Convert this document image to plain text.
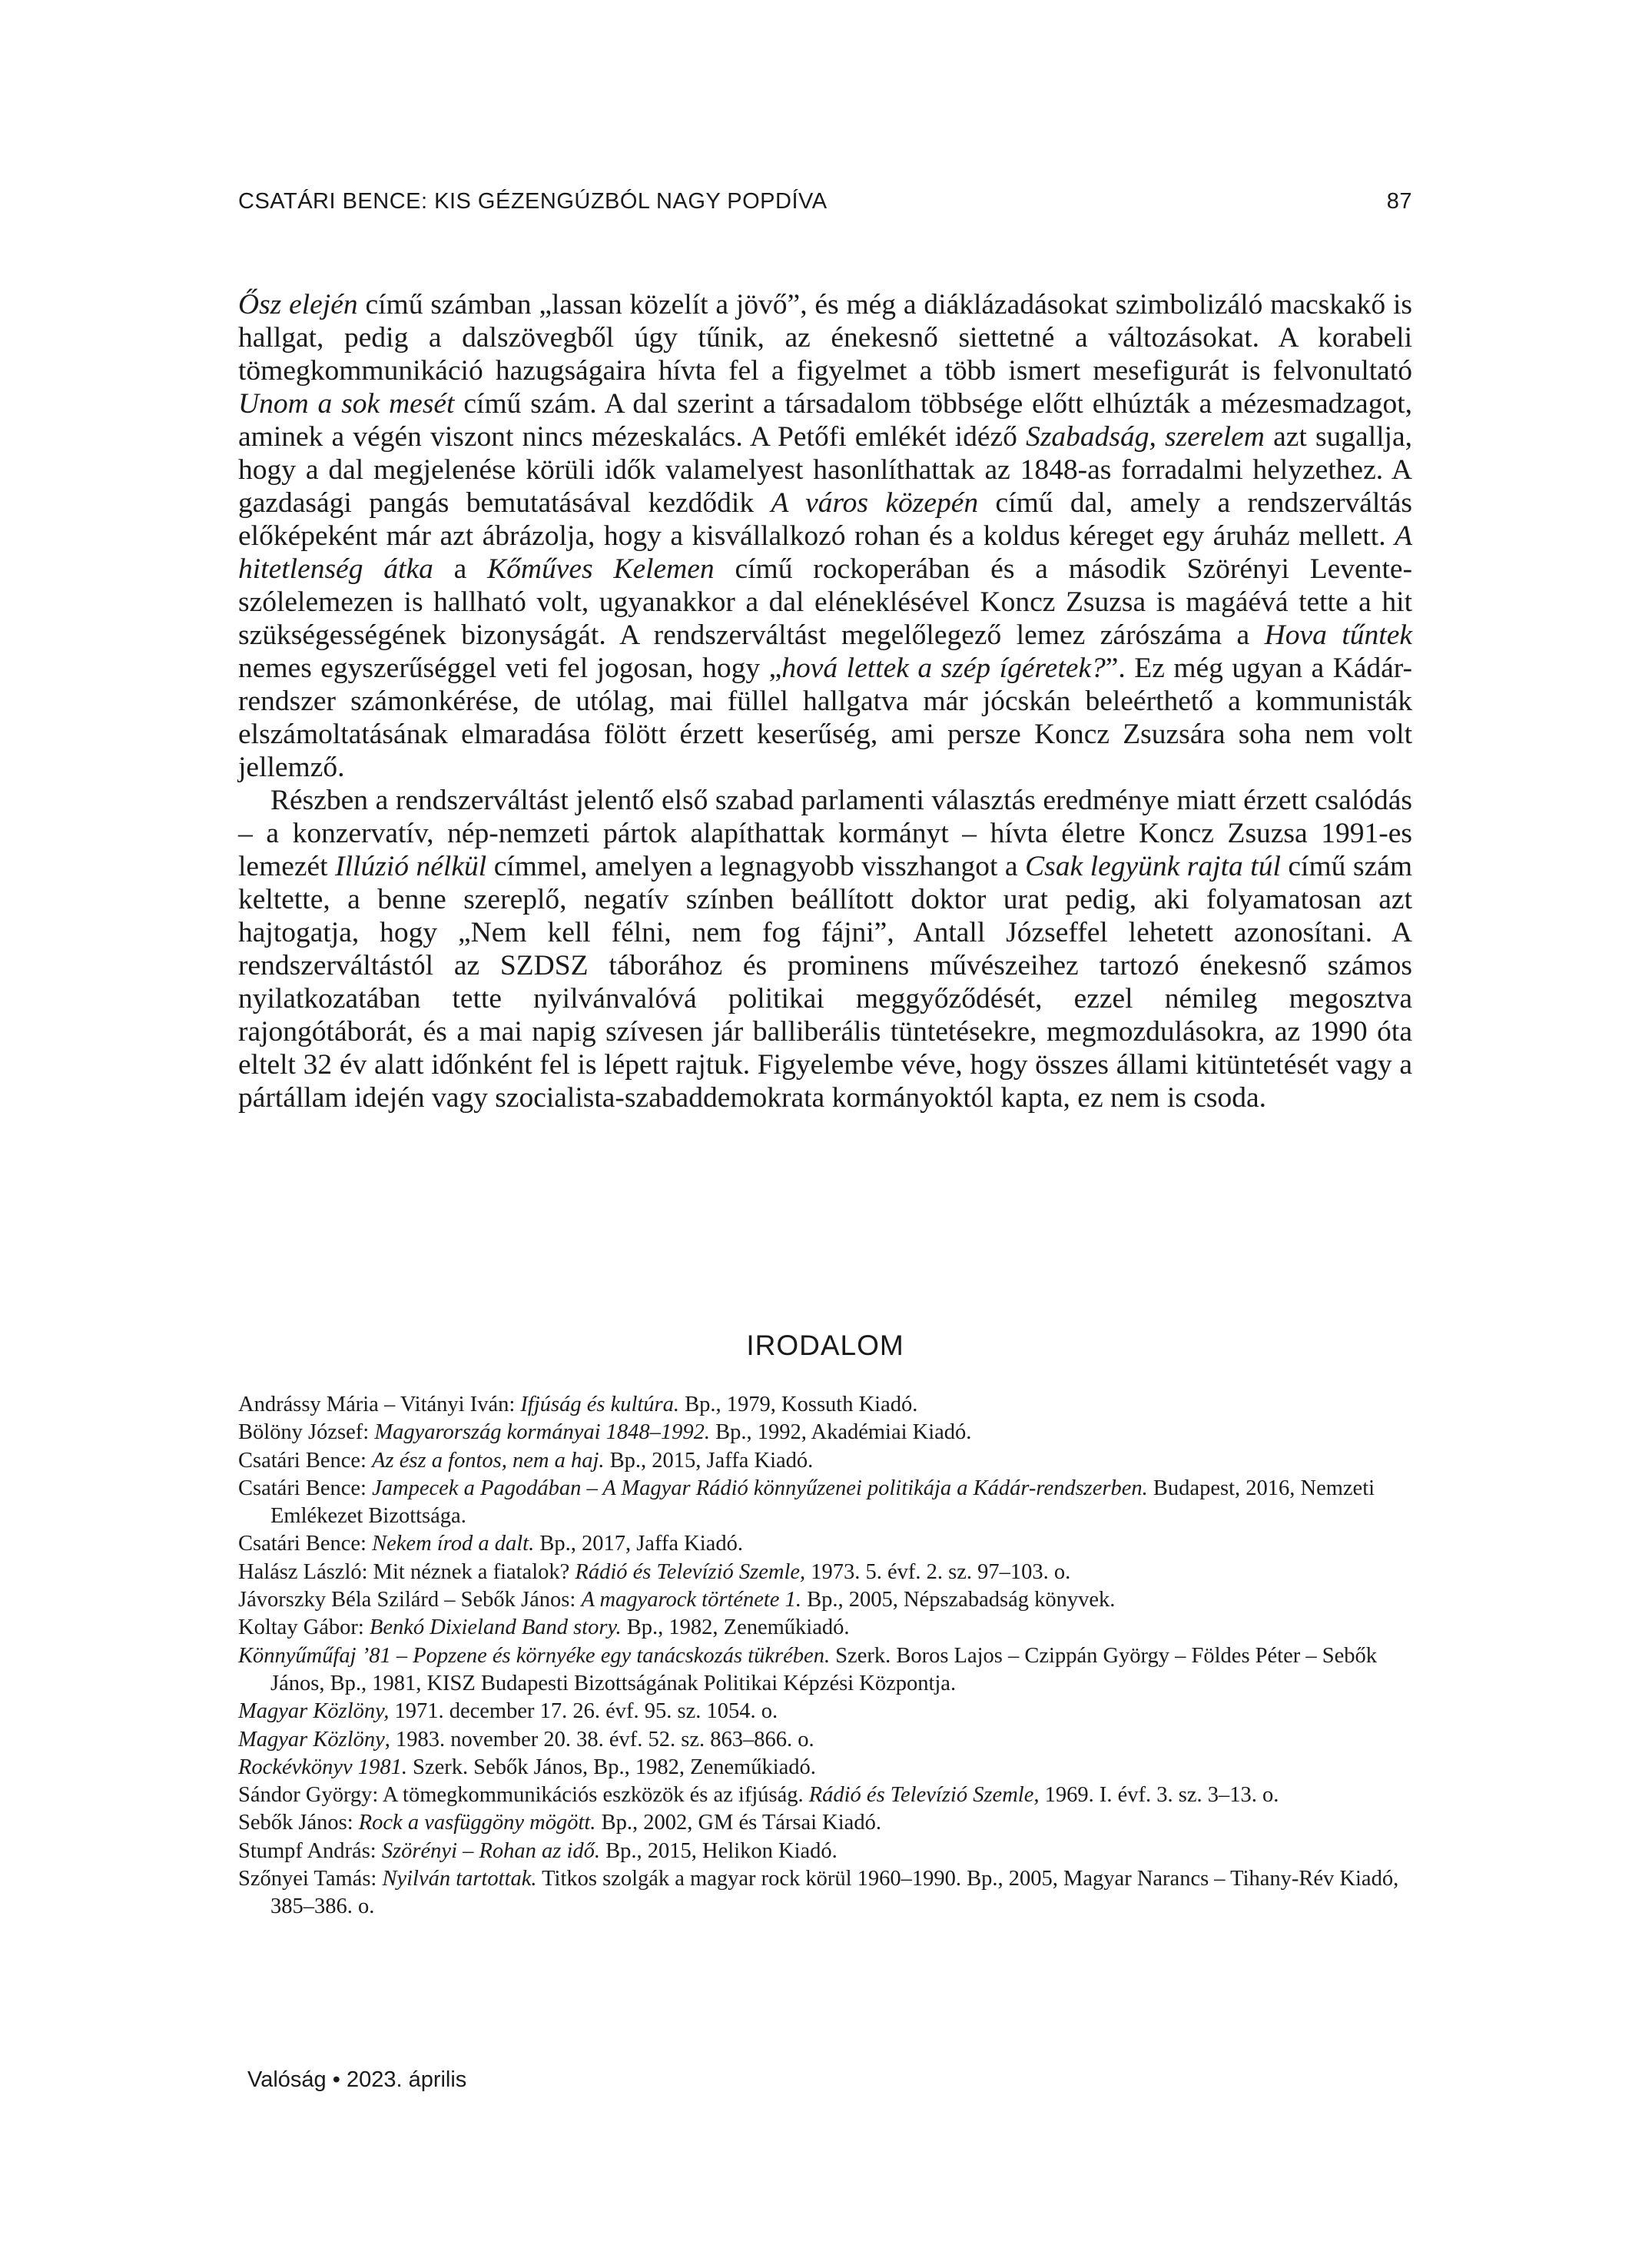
CSATÁRI BENCE: KIS GÉZENGÚZBÓL NAGY POPDÍVA	87

Ősz elején című számban „lassan közelít a jövő”, és még a diáklázadásokat szimbolizáló macskakő is hallgat, pedig a dalszövegből úgy tűnik, az énekesnő siettetné a változásokat. A korabeli tömegkommunikáció hazugságaira hívta fel a figyelmet a több ismert mesefigurát is felvonultató Unom a sok mesét című szám. A dal szerint a társadalom többsége előtt elhúzták a mézesmadzagot, aminek a végén viszont nincs mézeskalács. A Petőfi emlékét idéző Szabadság, szerelem azt sugallja, hogy a dal megjelenése körüli idők valamelyest hasonlíthattak az 1848-as forradalmi helyzethez. A gazdasági pangás bemutatásával kezdődik A város közepén című dal, amely a rendszerváltás előképeként már azt ábrázolja, hogy a kisvállalkozó rohan és a koldus kéreget egy áruház mellett. A hitetlenség átka a Kőműves Kelemen című rockoperában és a második Szörényi Levente-szólelemezen is hallható volt, ugyanakkor a dal eléneklésével Koncz Zsuzsa is magáévá tette a hit szükségességének bizonyságát. A rendszerváltást megelőlegező lemez zárószáma a Hova tűntek nemes egyszerűséggel veti fel jogosan, hogy „hová lettek a szép ígéretek?”. Ez még ugyan a Kádár-rendszer számonkérése, de utólag, mai füllel hallgatva már jócskán beleérthető a kommunisták elszámoltatásának elmaradása fölött érzett keserűség, ami persze Koncz Zsuzsára soha nem volt jellemző.

Részben a rendszerváltást jelentő első szabad parlamenti választás eredménye miatt érzett csalódás – a konzervatív, nép-nemzeti pártok alapíthattak kormányt – hívta életre Koncz Zsuzsa 1991-es lemezét Illúzió nélkül címmel, amelyen a legnagyobb visszhangot a Csak legyünk rajta túl című szám keltette, a benne szereplő, negatív színben beállított doktor urat pedig, aki folyamatosan azt hajtogatja, hogy „Nem kell félni, nem fog fájni”, Antall Józseffel lehetett azonosítani. A rendszerváltástól az SZDSZ táborához és prominens művészeihez tartozó énekesnő számos nyilatkozatában tette nyilvánvalóvá politikai meggyőződését, ezzel némileg megosztva rajongótáborát, és a mai napig szívesen jár balliberális tüntetésekre, megmozdulásokra, az 1990 óta eltelt 32 év alatt időnként fel is lépett rajtuk. Figyelembe véve, hogy összes állami kitüntetését vagy a pártállam idején vagy szocialista-szabaddemokrata kormányoktól kapta, ez nem is csoda.

IRODALOM

Andrássy Mária – Vitányi Iván: Ifjúság és kultúra. Bp., 1979, Kossuth Kiadó.

Bölöny József: Magyarország kormányai 1848–1992. Bp., 1992, Akadémiai Kiadó.

Csatári Bence: Az ész a fontos, nem a haj. Bp., 2015, Jaffa Kiadó.

Csatári Bence: Jampecek a Pagodában – A Magyar Rádió könnyűzenei politikája a Kádár-rendszerben. Budapest, 2016, Nemzeti Emlékezet Bizottsága.

Csatári Bence: Nekem írod a dalt. Bp., 2017, Jaffa Kiadó.

Halász László: Mit néznek a fiatalok? Rádió és Televízió Szemle, 1973. 5. évf. 2. sz. 97–103. o.

Jávorszky Béla Szilárd – Sebők János: A magyarock története 1. Bp., 2005, Népszabadság könyvek.

Koltay Gábor: Benkó Dixieland Band story. Bp., 1982, Zeneműkiadó.

Könnyűműfaj ’81 – Popzene és környéke egy tanácskozás tükrében. Szerk. Boros Lajos – Czippán György – Földes Péter – Sebők János, Bp., 1981, KISZ Budapesti Bizottságának Politikai Képzési Központja.

Magyar Közlöny, 1971. december 17. 26. évf. 95. sz. 1054. o.

Magyar Közlöny, 1983. november 20. 38. évf. 52. sz. 863–866. o.

Rockévkönyv 1981. Szerk. Sebők János, Bp., 1982, Zeneműkiadó.

Sándor György: A tömegkommunikációs eszközök és az ifjúság. Rádió és Televízió Szemle, 1969. I. évf. 3. sz. 3–13. o.

Sebők János: Rock a vasfüggöny mögött. Bp., 2002, GM és Társai Kiadó.

Stumpf András: Szörényi – Rohan az idő. Bp., 2015, Helikon Kiadó.

Szőnyei Tamás: Nyilván tartottak. Titkos szolgák a magyar rock körül 1960–1990. Bp., 2005, Magyar Narancs – Tihany-Rév Kiadó, 385–386. o.

Valóság • 2023. április
